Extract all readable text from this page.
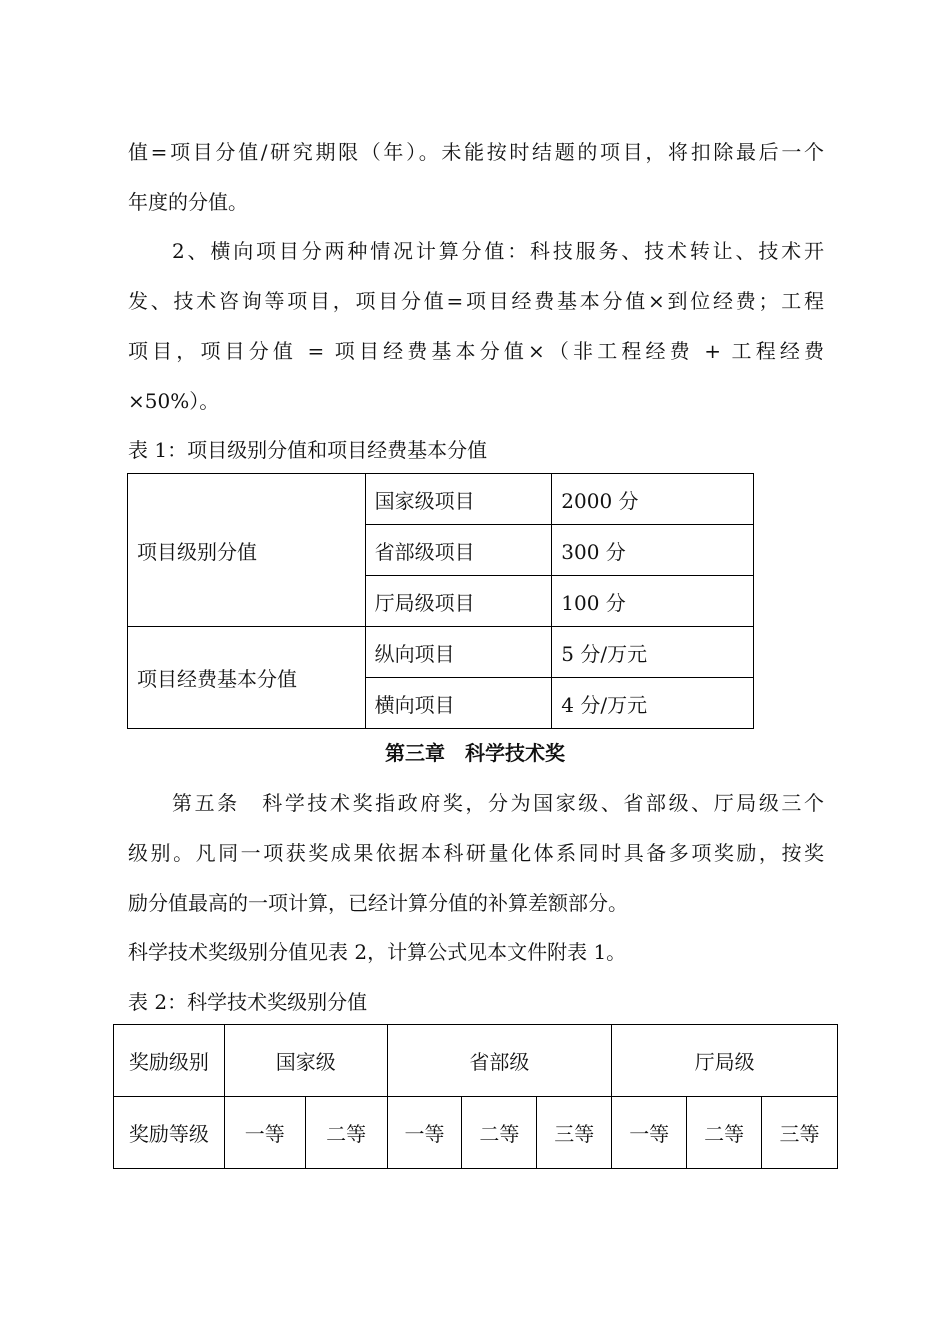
值=项目分值/研究期限（年）。未能按时结题的项目，将扣除最后一个
年度的分值。
2、横向项目分两种情况计算分值：科技服务、技术转让、技术开
发、技术咨询等项目，项目分值=项目经费基本分值×到位经费；工程
项目，项目分值 = 项目经费基本分值×（非工程经费 + 工程经费
×50%）。
表 1：项目级别分值和项目经费基本分值
项目级别分值	国家级项目	2000 分
	省部级项目	300 分
	厅局级项目	100 分
项目经费基本分值	纵向项目	5 分/万元
	横向项目	4 分/万元
第三章　科学技术奖
第五条　科学技术奖指政府奖，分为国家级、省部级、厅局级三个
级别。凡同一项获奖成果依据本科研量化体系同时具备多项奖励，按奖
励分值最高的一项计算，已经计算分值的补算差额部分。
科学技术奖级别分值见表 2，计算公式见本文件附表 1。
表 2：科学技术奖级别分值
奖励级别	国家级		省部级			厅局级		
奖励等级	一等	二等	一等	二等	三等	一等	二等	三等
